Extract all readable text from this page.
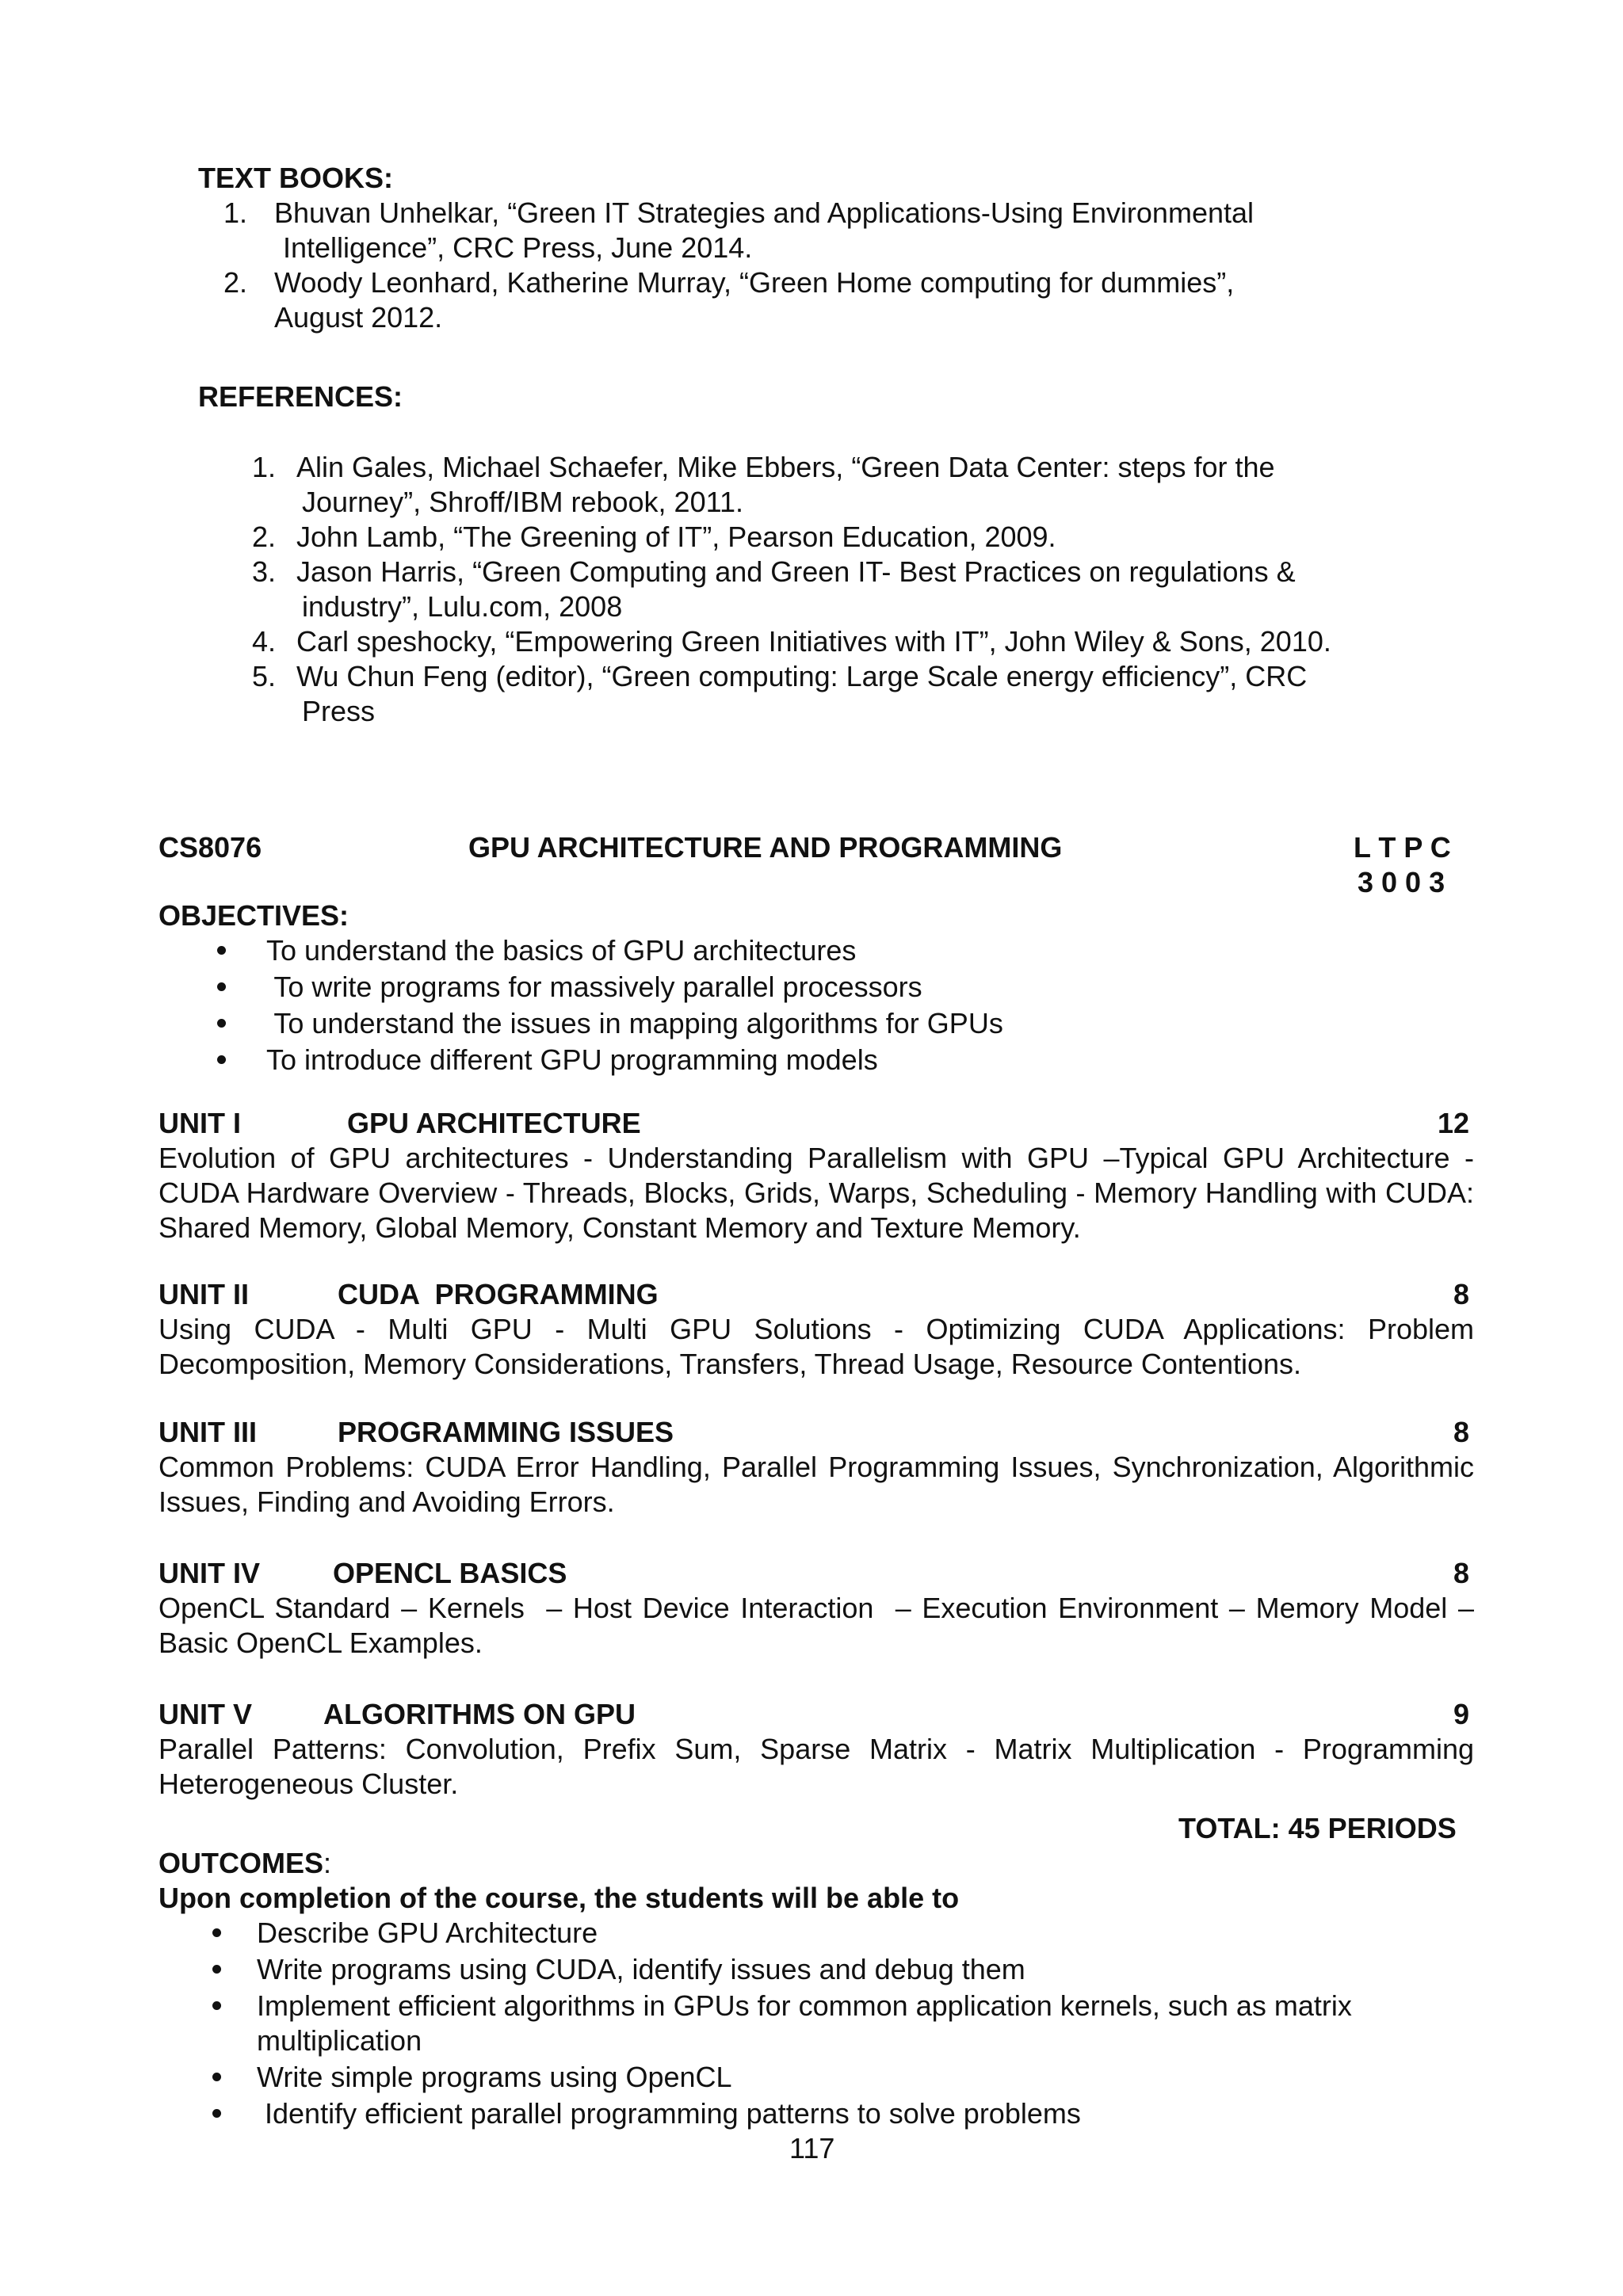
TEXT BOOKS:
1. Bhuvan Unhelkar, “Green IT Strategies and Applications-Using Environmental
Intelligence”, CRC Press, June 2014.
2. Woody Leonhard, Katherine Murray, “Green Home computing for dummies”,
August 2012.
REFERENCES:
1. Alin Gales, Michael Schaefer, Mike Ebbers, “Green Data Center: steps for the
Journey”, Shroff/IBM rebook, 2011.
2. John Lamb, “The Greening of IT”, Pearson Education, 2009.
3. Jason Harris, “Green Computing and Green IT- Best Practices on regulations &
industry”, Lulu.com, 2008
4. Carl speshocky, “Empowering Green Initiatives with IT”, John Wiley & Sons, 2010.
5. Wu Chun Feng (editor), “Green computing: Large Scale energy efficiency”, CRC
Press
CS8076	GPU ARCHITECTURE AND PROGRAMMING	L T P C
3 0 0 3
OBJECTIVES:
To understand the basics of GPU architectures
To write programs for massively parallel processors
To understand the issues in mapping algorithms for GPUs
To introduce different GPU programming models
UNIT I	GPU ARCHITECTURE	12
Evolution of GPU architectures - Understanding Parallelism with GPU –Typical GPU Architecture - CUDA Hardware Overview - Threads, Blocks, Grids, Warps, Scheduling - Memory Handling with CUDA: Shared Memory, Global Memory, Constant Memory and Texture Memory.
UNIT II	CUDA  PROGRAMMING	8
Using CUDA - Multi GPU - Multi GPU Solutions - Optimizing CUDA Applications: Problem Decomposition, Memory Considerations, Transfers, Thread Usage, Resource Contentions.
UNIT III	PROGRAMMING ISSUES	8
Common Problems: CUDA Error Handling, Parallel Programming Issues, Synchronization, Algorithmic Issues, Finding and Avoiding Errors.
UNIT IV	OPENCL BASICS	8
OpenCL Standard – Kernels  – Host Device Interaction  – Execution Environment – Memory Model – Basic OpenCL Examples.
UNIT V ALGORITHMS ON GPU	9
Parallel Patterns: Convolution, Prefix Sum, Sparse Matrix - Matrix Multiplication - Programming Heterogeneous Cluster.
TOTAL: 45 PERIODS
OUTCOMES:
Upon completion of the course, the students will be able to
Describe GPU Architecture
Write programs using CUDA, identify issues and debug them
Implement efficient algorithms in GPUs for common application kernels, such as matrix
multiplication
Write simple programs using OpenCL
Identify efficient parallel programming patterns to solve problems
117
